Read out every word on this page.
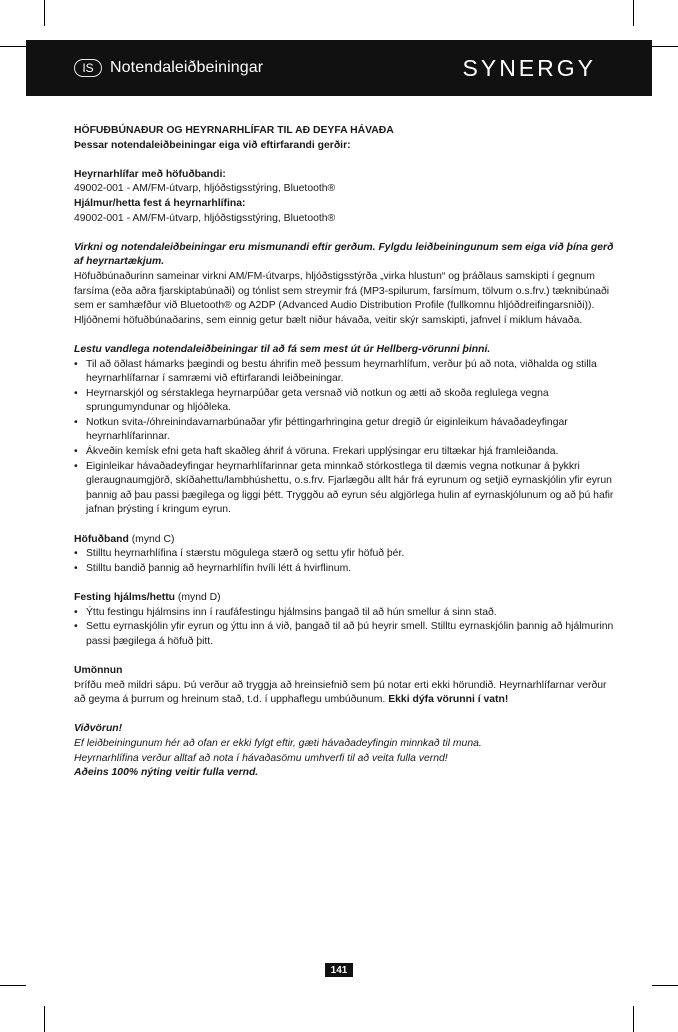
IS	Notendaleiðbeiningar	SYNERGY

HÖFUÐBÚNAÐUR OG HEYRNARHLÍFAR TIL AÐ DEYFA HÁVAÐA

Þessar notendaleiðbeiningar eiga við eftirfarandi gerðir:

Heyrnarhlífar með höfuðbandi:

49002-001 - AM/FM-útvarp, hljóðstigsstýring, Bluetooth®

Hjálmur/hetta fest á heyrnarhlífina:

49002-001 - AM/FM-útvarp, hljóðstigsstýring, Bluetooth®

Virkni og notendaleiðbeiningar eru mismunandi eftir gerðum. Fylgdu leiðbeiningunum sem eiga við þína gerð af heyrnartækjum.

Höfuðbúnaðurinn sameinar virkni AM/FM-útvarps, hljóðstigsstýrða „virka hlustun“ og þráðlaus samskipti í gegnum farsíma (eða aðra fjarskiptabúnaði) og tónlist sem streymir frá (MP3-spilurum, farsímum, tölvum o.s.frv.) tæknibúnaði sem er samhæfður við Bluetooth® og A2DP (Advanced Audio Distribution Profile (fullkomnu hljóðdreifingarsniði)).

Hljóðnemi höfuðbúnaðarins, sem einnig getur bælt niður hávaða, veitir skýr samskipti, jafnvel í miklum hávaða.

Lestu vandlega notendaleiðbeiningar til að fá sem mest út úr Hellberg-vörunni þinni.

• Til að öðlast hámarks þægindi og bestu áhrifin með þessum heyrnarhlífum, verður þú að nota, viðhalda og stilla heyrnarhlífarnar í samræmi við eftirfarandi leiðbeiningar.
• Heyrnarskjól og sérstaklega heyrnarpúðar geta versnað við notkun og ætti að skoða reglulega vegna sprungumyndunar og hljóðleka.
• Notkun svita-/óhreinindavarnarbúnaðar yfir þéttingarhringina getur dregið úr eiginleikum hávaðadeyfingar heyrnarhlífarinnar.
• Ákveðin kemísk efni geta haft skaðleg áhrif á vöruna. Frekari upplýsingar eru tiltækar hjá framleiðanda.
• Eiginleikar hávaðadeyfingar heyrnarhlífarinnar geta minnkað stórkostlega til dæmis vegna notkunar á þykkri gleraugnaumgjörð, skíðahettu/lambhúshettu, o.s.frv. Fjarlægðu allt hár frá eyrunum og setjið eyrnaskjólin yfir eyrun þannig að þau passi þægilega og liggi þétt. Tryggðu að eyrun séu algjörlega hulin af eyrnaskjólunum og að þú hafir jafnan þrýsting í kringum eyrun.

Höfuðband (mynd C)

• Stilltu heyrnarhlífina í stærstu mögulega stærð og settu yfir höfuð þér.
• Stilltu bandið þannig að heyrnarhlífin hvíli létt á hvirflinum.

Festing hjálms/hettu (mynd D)

• Ýttu festingu hjálmsins inn í raufáfestingu hjálmsins þangað til að hún smellur á sinn stað.
• Settu eyrnaskjólin yfir eyrun og ýttu inn á við, þangað til að þú heyrir smell. Stilltu eyrnaskjólin þannig að hjálmurinn passi þægilega á höfuð þitt.

Umönnun

Þrífðu með mildri sápu. Þú verður að tryggja að hreinsiefnið sem þú notar erti ekki hörundið. Heyrnarhlífarnar verður að geyma á þurrum og hreinum stað, t.d. í upphaflegu umbúðunum. Ekki dýfa vörunni í vatn!

Viðvörun!

Ef leiðbeiningunum hér að ofan er ekki fylgt eftir, gæti hávaðadeyfingin minnkað til muna.

Heyrnarhlífina verður alltaf að nota í hávaðasömu umhverfi til að veita fulla vernd!

Aðeins 100% nýting veitir fulla vernd.

141
